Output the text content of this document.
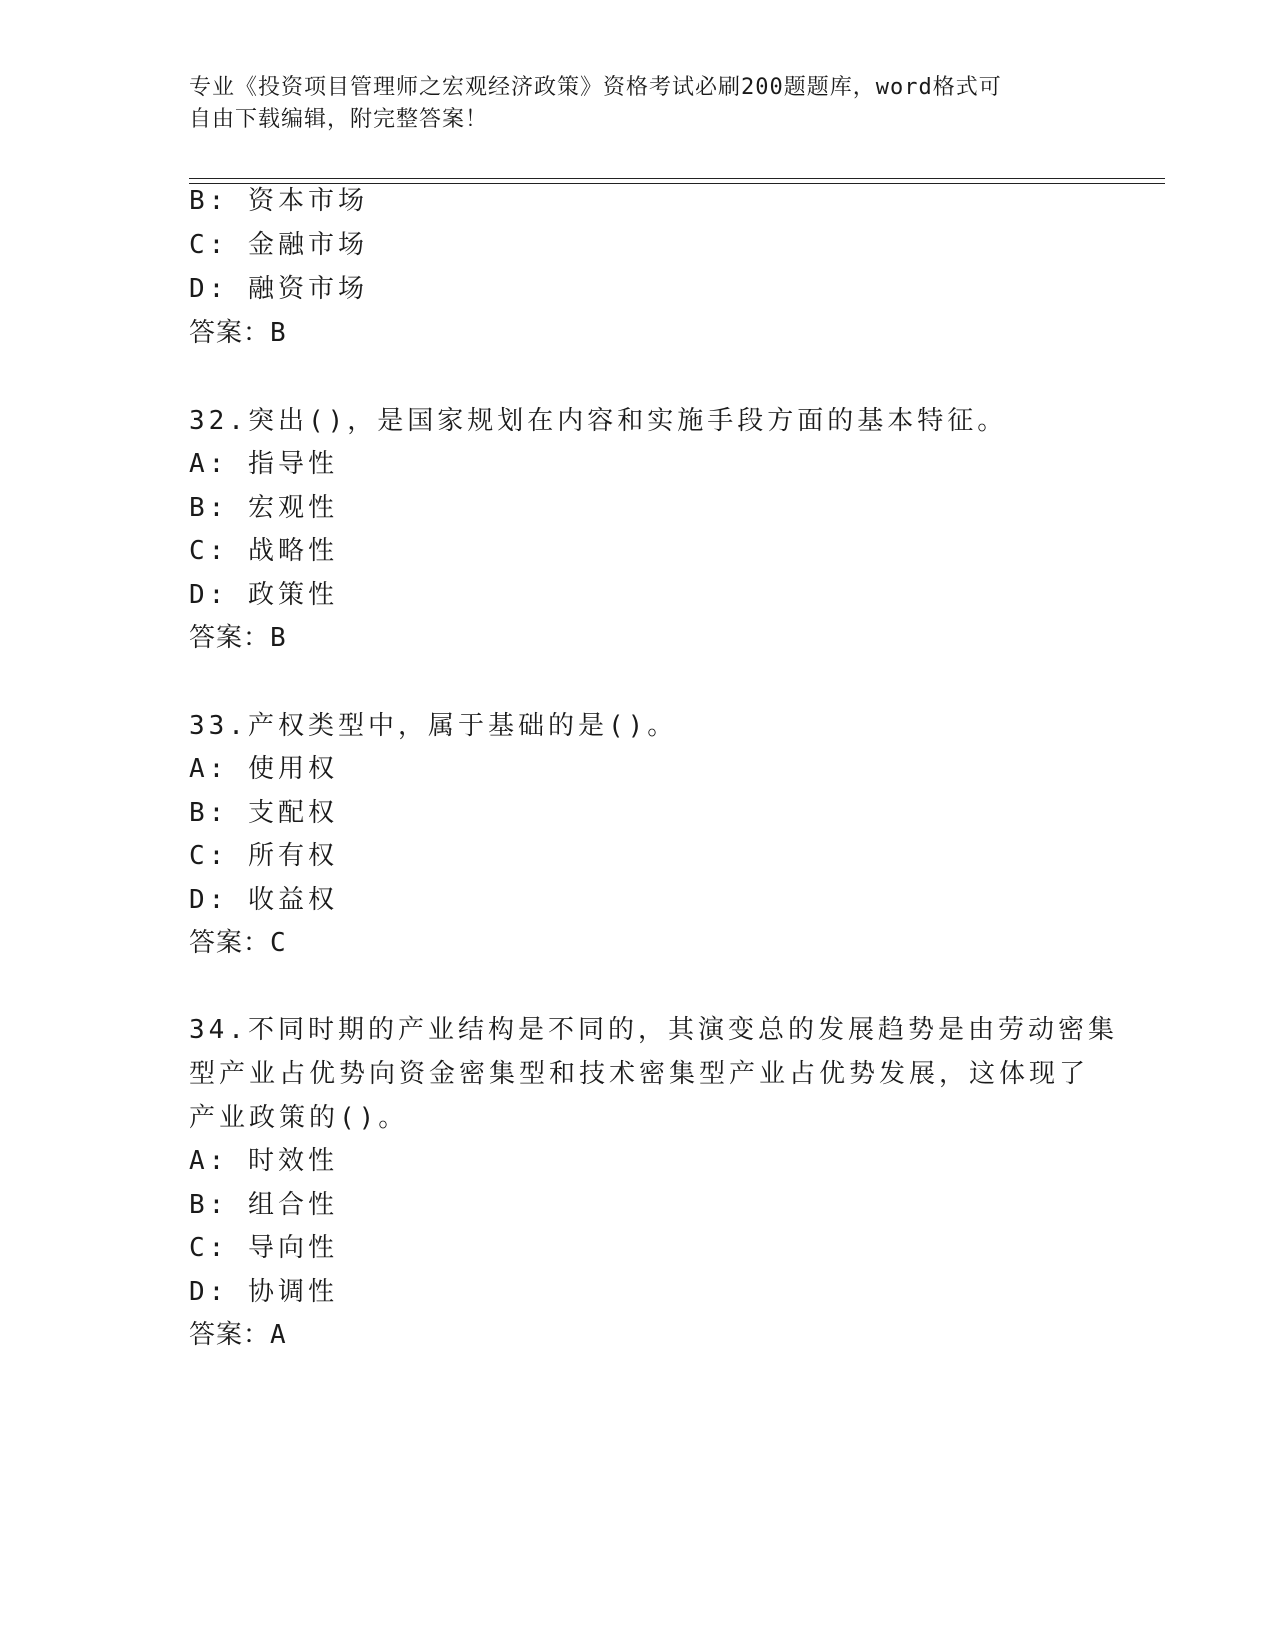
专业《投资项目管理师之宏观经济政策》资格考试必刷200题题库，word格式可
自由下载编辑，附完整答案！
B: 资本市场
C: 金融市场
D: 融资市场
答案：B
32.突出()，是国家规划在内容和实施手段方面的基本特征。
A: 指导性
B: 宏观性
C: 战略性
D: 政策性
答案：B
33.产权类型中，属于基础的是()。
A: 使用权
B: 支配权
C: 所有权
D: 收益权
答案：C
34.不同时期的产业结构是不同的，其演变总的发展趋势是由劳动密集
型产业占优势向资金密集型和技术密集型产业占优势发展，这体现了
产业政策的()。
A: 时效性
B: 组合性
C: 导向性
D: 协调性
答案：A
